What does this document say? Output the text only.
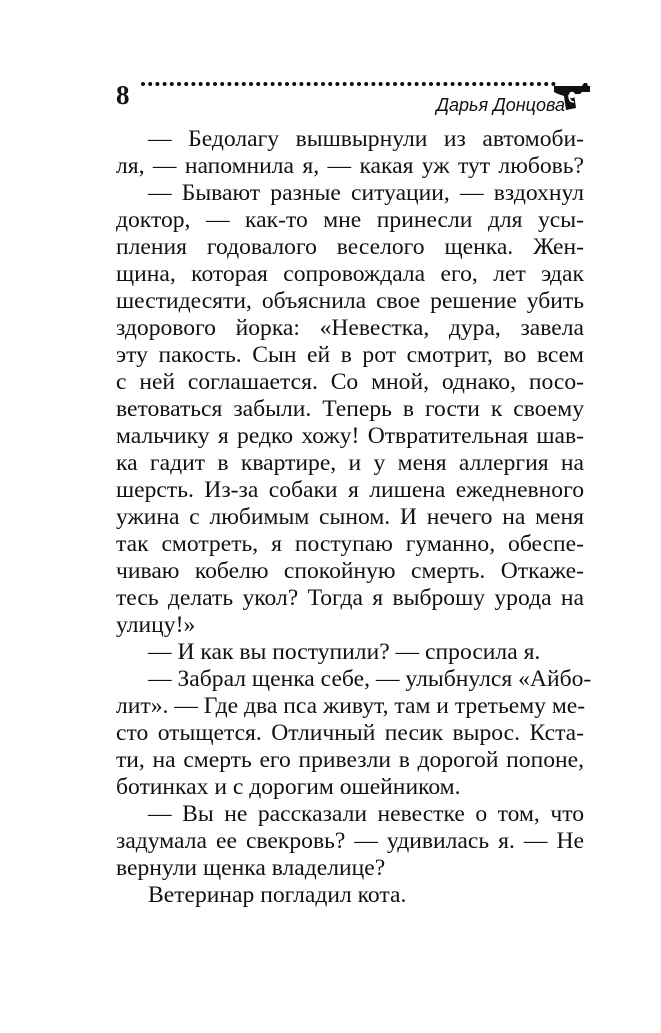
8	Дарья Донцова
— Бедолагу вышвырнули из автомоби-
ля, — напомнила я, — какая уж тут любовь?
— Бывают разные ситуации, — вздохнул
доктор, — как-то мне принесли для усы-
пления годовалого веселого щенка. Жен-
щина, которая сопровождала его, лет эдак
шестидесяти, объяснила свое решение убить
здорового йорка: «Невестка, дура, завела
эту пакость. Сын ей в рот смотрит, во всем
с ней соглашается. Со мной, однако, посо-
ветоваться забыли. Теперь в гости к своему
мальчику я редко хожу! Отвратительная шав-
ка гадит в квартире, и у меня аллергия на
шерсть. Из-за собаки я лишена ежедневного
ужина с любимым сыном. И нечего на меня
так смотреть, я поступаю гуманно, обеспе-
чиваю кобелю спокойную смерть. Откаже-
тесь делать укол? Тогда я выброшу урода на
улицу!»
— И как вы поступили? — спросила я.
— Забрал щенка себе, — улыбнулся «Айбо-
лит». — Где два пса живут, там и третьему ме-
сто отыщется. Отличный песик вырос. Кста-
ти, на смерть его привезли в дорогой попоне,
ботинках и с дорогим ошейником.
— Вы не рассказали невестке о том, что
задумала ее свекровь? — удивилась я. — Не
вернули щенка владелице?
Ветеринар погладил кота.
